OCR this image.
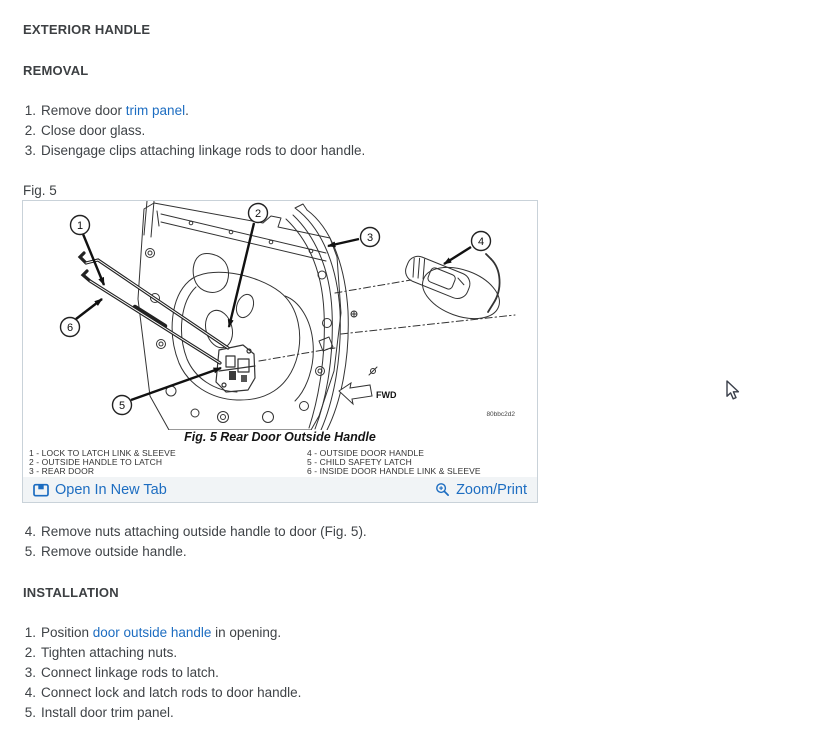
EXTERIOR HANDLE
REMOVAL
1. Remove door trim panel .
2. Close door glass.
3. Disengage clips attaching linkage rods to door handle.
Fig. 5
FWD
80bbc2d2
1
2
3	4
5
6
Fig. 5 Rear Door Outside Handle
1 - LOCK TO LATCH LINK & SLEEVE
2 - OUTSIDE HANDLE TO LATCH
3 - REAR DOOR
4 - OUTSIDE DOOR HANDLE
5 - CHILD SAFETY LATCH
6 - INSIDE DOOR HANDLE LINK & SLEEVE
Open In New Tab	Zoom/Print
4. Remove nuts attaching outside handle to door (Fig. 5).
5. Remove outside handle.
INSTALLATION
1. Position door outside handle in opening.
2. Tighten attaching nuts.
3. Connect linkage rods to latch.
4. Connect lock and latch rods to door handle.
5. Install door trim panel.
